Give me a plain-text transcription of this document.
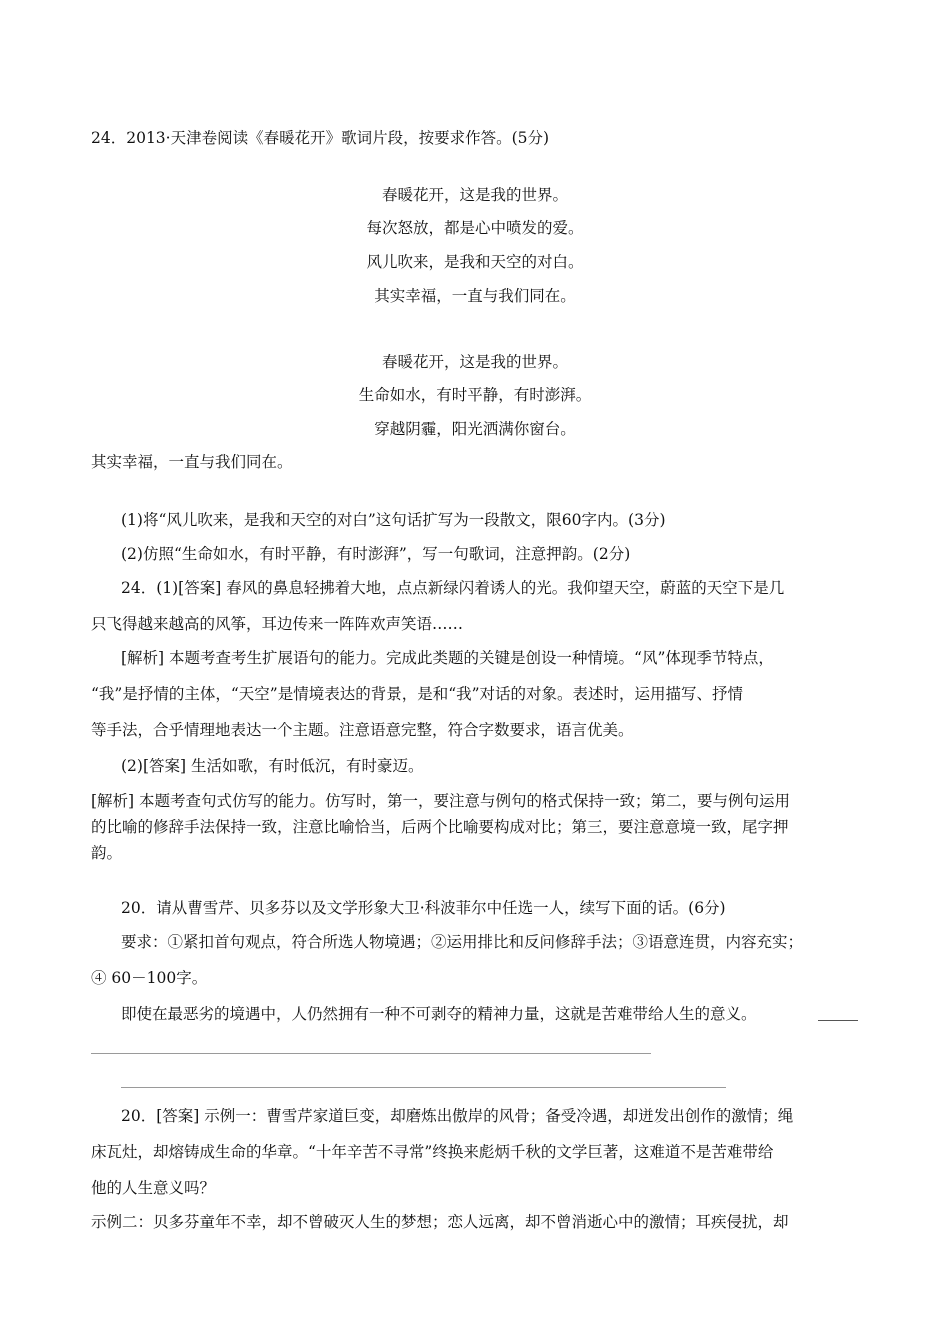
24．2013·天津卷阅读《春暖花开》歌词片段，按要求作答。(5分)
春暖花开，这是我的世界。
每次怒放，都是心中喷发的爱。
风儿吹来，是我和天空的对白。
其实幸福，一直与我们同在。
春暖花开，这是我的世界。
生命如水，有时平静，有时澎湃。
穿越阴霾，阳光洒满你窗台。
其实幸福，一直与我们同在。
(1)将“风儿吹来，是我和天空的对白”这句话扩写为一段散文，限60字内。(3分)
(2)仿照“生命如水，有时平静，有时澎湃”，写一句歌词，注意押韵。(2分)
24．(1)[答案] 春风的鼻息轻拂着大地，点点新绿闪着诱人的光。我仰望天空，蔚蓝的天空下是几
只飞得越来越高的风筝，耳边传来一阵阵欢声笑语……
[解析] 本题考查考生扩展语句的能力。完成此类题的关键是创设一种情境。“风”体现季节特点，
“我”是抒情的主体，“天空”是情境表达的背景，是和“我”对话的对象。表述时，运用描写、抒情
等手法，合乎情理地表达一个主题。注意语意完整，符合字数要求，语言优美。
(2)[答案] 生活如歌，有时低沉，有时豪迈。
[解析] 本题考查句式仿写的能力。仿写时，第一，要注意与例句的格式保持一致；第二，要与例句运用
的比喻的修辞手法保持一致，注意比喻恰当，后两个比喻要构成对比；第三，要注意意境一致，尾字押
韵。
20．请从曹雪芹、贝多芬以及文学形象大卫·科波菲尔中任选一人，续写下面的话。(6分)
要求：①紧扣首句观点，符合所选人物境遇；②运用排比和反问修辞手法；③语意连贯，内容充实；
④ 60－100字。
即使在最恶劣的境遇中，人仍然拥有一种不可剥夺的精神力量，这就是苦难带给人生的意义。
20．[答案] 示例一：曹雪芹家道巨变，却磨炼出傲岸的风骨；备受冷遇，却迸发出创作的激情；绳
床瓦灶，却熔铸成生命的华章。“十年辛苦不寻常”终换来彪炳千秋的文学巨著，这难道不是苦难带给
他的人生意义吗？
示例二：贝多芬童年不幸，却不曾破灭人生的梦想；恋人远离，却不曾消逝心中的激情；耳疾侵扰，却
